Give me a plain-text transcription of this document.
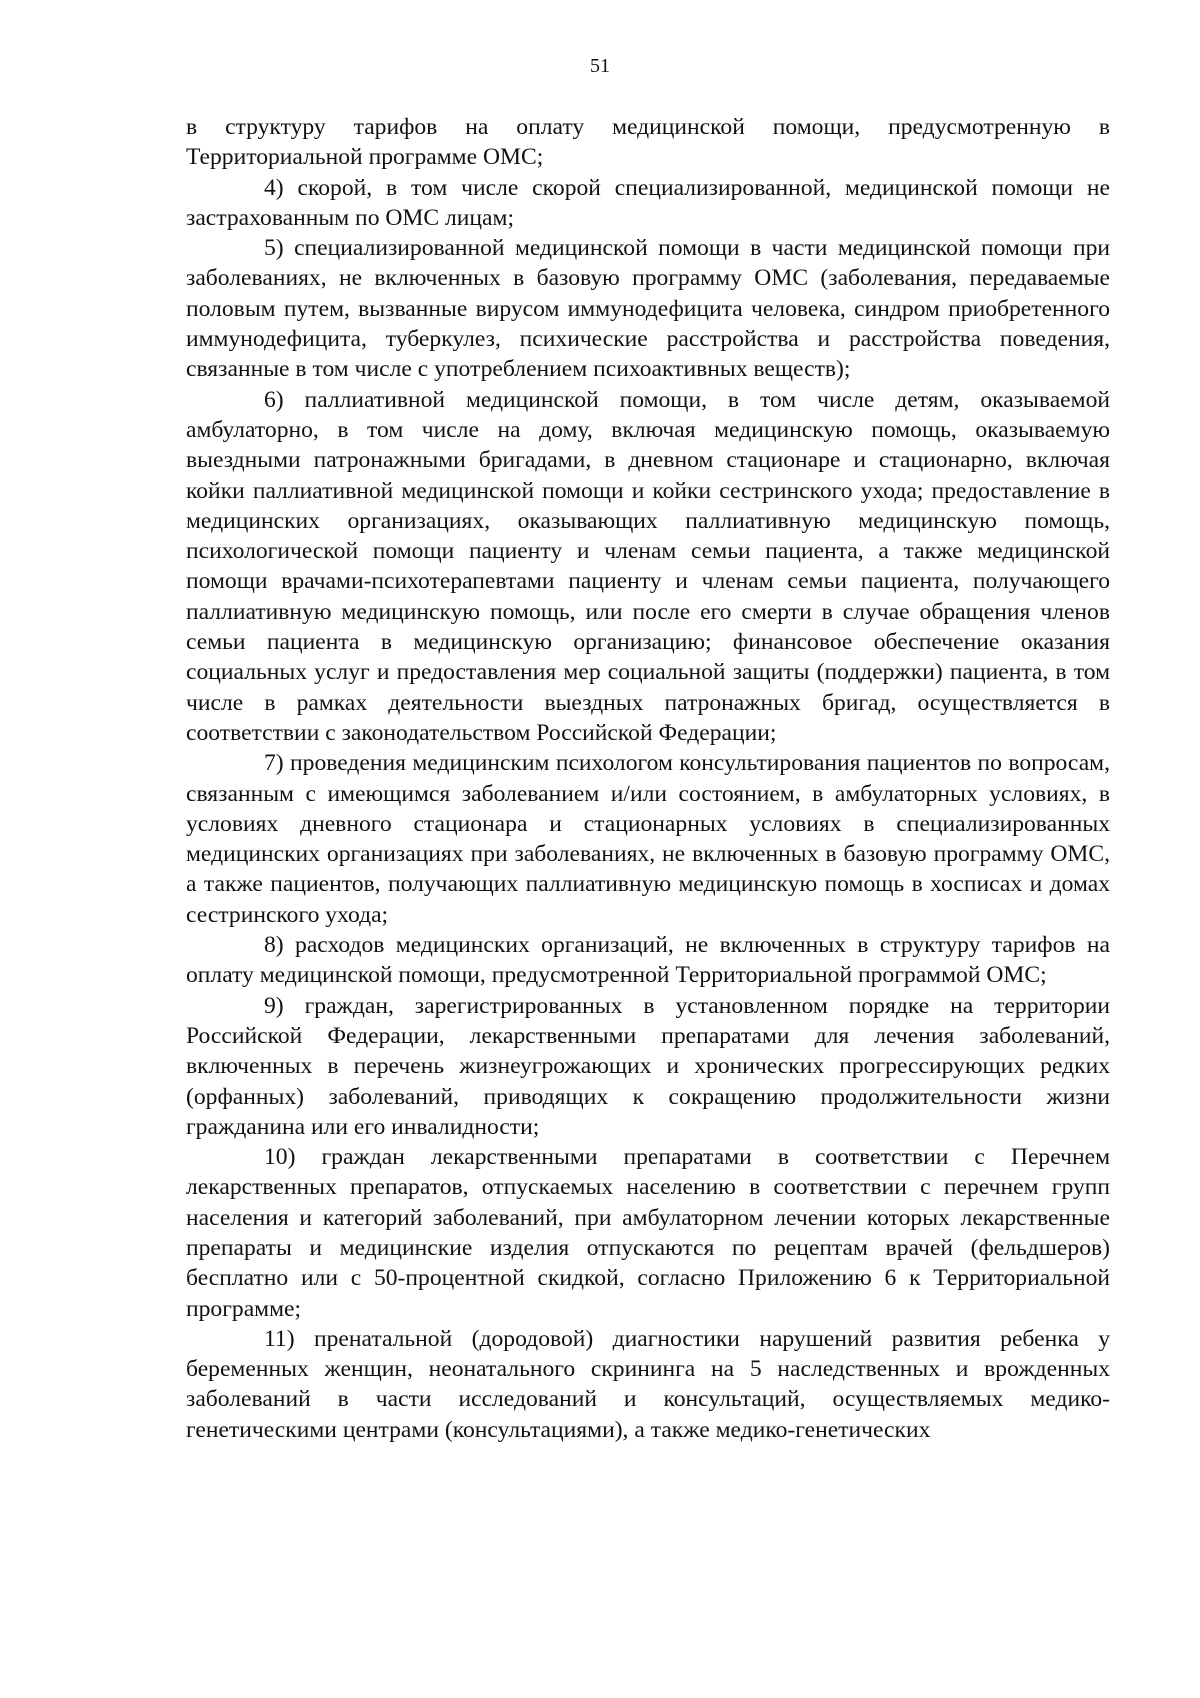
51

в структуру тарифов на оплату медицинской помощи, предусмотренную в Территориальной программе ОМС;

4) скорой, в том числе скорой специализированной, медицинской помощи не застрахованным по ОМС лицам;

5) специализированной медицинской помощи в части медицинской помощи при заболеваниях, не включенных в базовую программу ОМС (заболевания, передаваемые половым путем, вызванные вирусом иммунодефицита человека, синдром приобретенного иммунодефицита, туберкулез, психические расстройства и расстройства поведения, связанные в том числе с употреблением психоактивных веществ);

6) паллиативной медицинской помощи, в том числе детям, оказываемой амбулаторно, в том числе на дому, включая медицинскую помощь, оказываемую выездными патронажными бригадами, в дневном стационаре и стационарно, включая койки паллиативной медицинской помощи и койки сестринского ухода; предоставление в медицинских организациях, оказывающих паллиативную медицинскую помощь, психологической помощи пациенту и членам семьи пациента, а также медицинской помощи врачами-психотерапевтами пациенту и членам семьи пациента, получающего паллиативную медицинскую помощь, или после его смерти в случае обращения членов семьи пациента в медицинскую организацию; финансовое обеспечение оказания социальных услуг и предоставления мер социальной защиты (поддержки) пациента, в том числе в рамках деятельности выездных патронажных бригад, осуществляется в соответствии с законодательством Российской Федерации;

7) проведения медицинским психологом консультирования пациентов по вопросам, связанным с имеющимся заболеванием и/или состоянием, в амбулаторных условиях, в условиях дневного стационара и стационарных условиях в специализированных медицинских организациях при заболеваниях, не включенных в базовую программу ОМС, а также пациентов, получающих паллиативную медицинскую помощь в хосписах и домах сестринского ухода;

8) расходов медицинских организаций, не включенных в структуру тарифов на оплату медицинской помощи, предусмотренной Территориальной программой ОМС;

9) граждан, зарегистрированных в установленном порядке на территории Российской Федерации, лекарственными препаратами для лечения заболеваний, включенных в перечень жизнеугрожающих и хронических прогрессирующих редких (орфанных) заболеваний, приводящих к сокращению продолжительности жизни гражданина или его инвалидности;

10) граждан лекарственными препаратами в соответствии с Перечнем лекарственных препаратов, отпускаемых населению в соответствии с перечнем групп населения и категорий заболеваний, при амбулаторном лечении которых лекарственные препараты и медицинские изделия отпускаются по рецептам врачей (фельдшеров) бесплатно или с 50-процентной скидкой, согласно Приложению 6 к Территориальной программе;

11) пренатальной (дородовой) диагностики нарушений развития ребенка у беременных женщин, неонатального скрининга на 5 наследственных и врожденных заболеваний в части исследований и консультаций, осуществляемых медико-генетическими центрами (консультациями), а также медико-генетических
